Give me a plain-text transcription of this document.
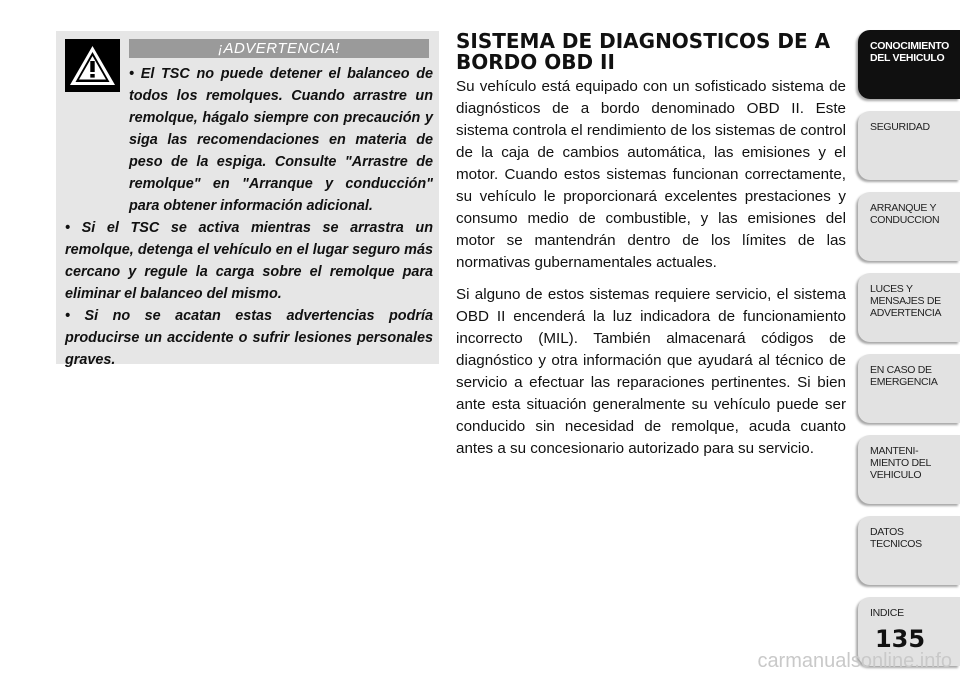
¡ADVERTENCIA!

• El TSC no puede detener el balanceo de todos los remolques. Cuando arrastre un remolque, hágalo siempre con precaución y siga las recomendaciones en materia de peso de la espiga. Consulte "Arrastre de remolque" en "Arranque y conducción" para obtener información adicional.

• Si el TSC se activa mientras se arrastra un remolque, detenga el vehículo en el lugar seguro más cercano y regule la carga sobre el remolque para eliminar el balanceo del mismo.

• Si no se acatan estas advertencias podría producirse un accidente o sufrir lesiones personales graves.

SISTEMA DE DIAGNOSTICOS DE A BORDO OBD II

Su vehículo está equipado con un sofisticado sistema de diagnósticos de a bordo denominado OBD II. Este sistema controla el rendimiento de los sistemas de control de la caja de cambios automática, las emisiones y el motor. Cuando estos sistemas funcionan correctamente, su vehículo le proporcionará excelentes prestaciones y consumo medio de combustible, y las emisiones del motor se mantendrán dentro de los límites de las normativas gubernamentales actuales.

Si alguno de estos sistemas requiere servicio, el sistema OBD II encenderá la luz indicadora de funcionamiento incorrecto (MIL). También almacenará códigos de diagnóstico y otra información que ayudará al técnico de servicio a efectuar las reparaciones pertinentes. Si bien ante esta situación generalmente su vehículo puede ser conducido sin necesidad de remolque, acuda cuanto antes a su concesionario autorizado para su servicio.

CONOCIMIENTO
DEL VEHICULO
SEGURIDAD
ARRANQUE Y
CONDUCCION
LUCES Y
MENSAJES DE
ADVERTENCIA
EN CASO DE
EMERGENCIA
MANTENI-
MIENTO DEL
VEHICULO
DATOS
TECNICOS
INDICE
135
carmanualsonline.info
